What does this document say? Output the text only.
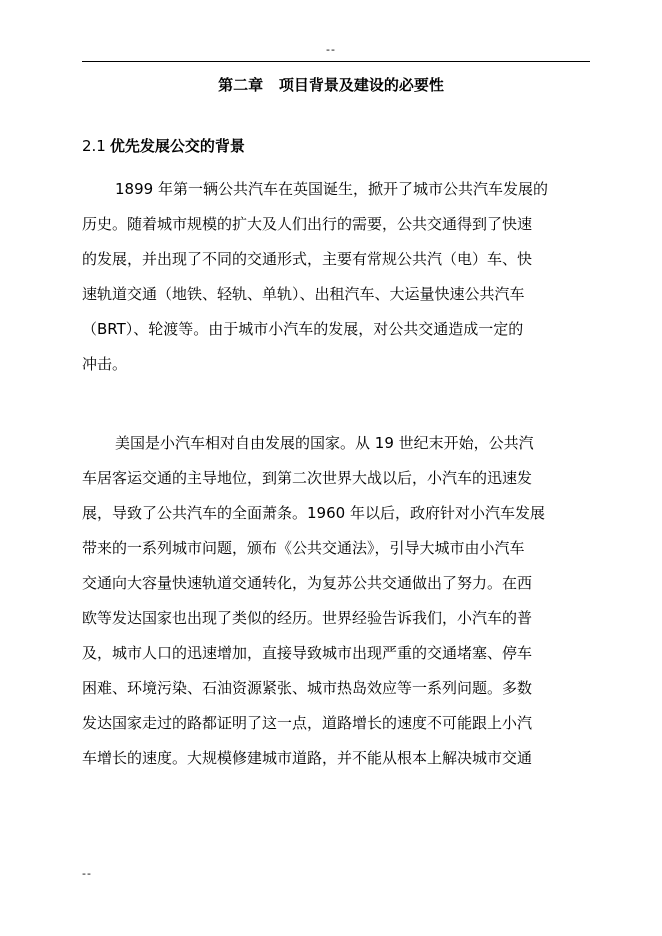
--
第二章   项目背景及建设的必要性
2.1 优先发展公交的背景
1899 年第一辆公共汽车在英国诞生，掀开了城市公共汽车发展的
历史。随着城市规模的扩大及人们出行的需要，公共交通得到了快速
的发展，并出现了不同的交通形式，主要有常规公共汽（电）车、快
速轨道交通（地铁、轻轨、单轨）、出租汽车、大运量快速公共汽车
（BRT）、轮渡等。由于城市小汽车的发展，对公共交通造成一定的
冲击。
美国是小汽车相对自由发展的国家。从 19 世纪末开始，公共汽
车居客运交通的主导地位，到第二次世界大战以后，小汽车的迅速发
展，导致了公共汽车的全面萧条。1960 年以后，政府针对小汽车发展
带来的一系列城市问题，颁布《公共交通法》，引导大城市由小汽车
交通向大容量快速轨道交通转化，为复苏公共交通做出了努力。在西
欧等发达国家也出现了类似的经历。世界经验告诉我们，小汽车的普
及，城市人口的迅速增加，直接导致城市出现严重的交通堵塞、停车
困难、环境污染、石油资源紧张、城市热岛效应等一系列问题。多数
发达国家走过的路都证明了这一点，道路增长的速度不可能跟上小汽
车增长的速度。大规模修建城市道路，并不能从根本上解决城市交通
--
